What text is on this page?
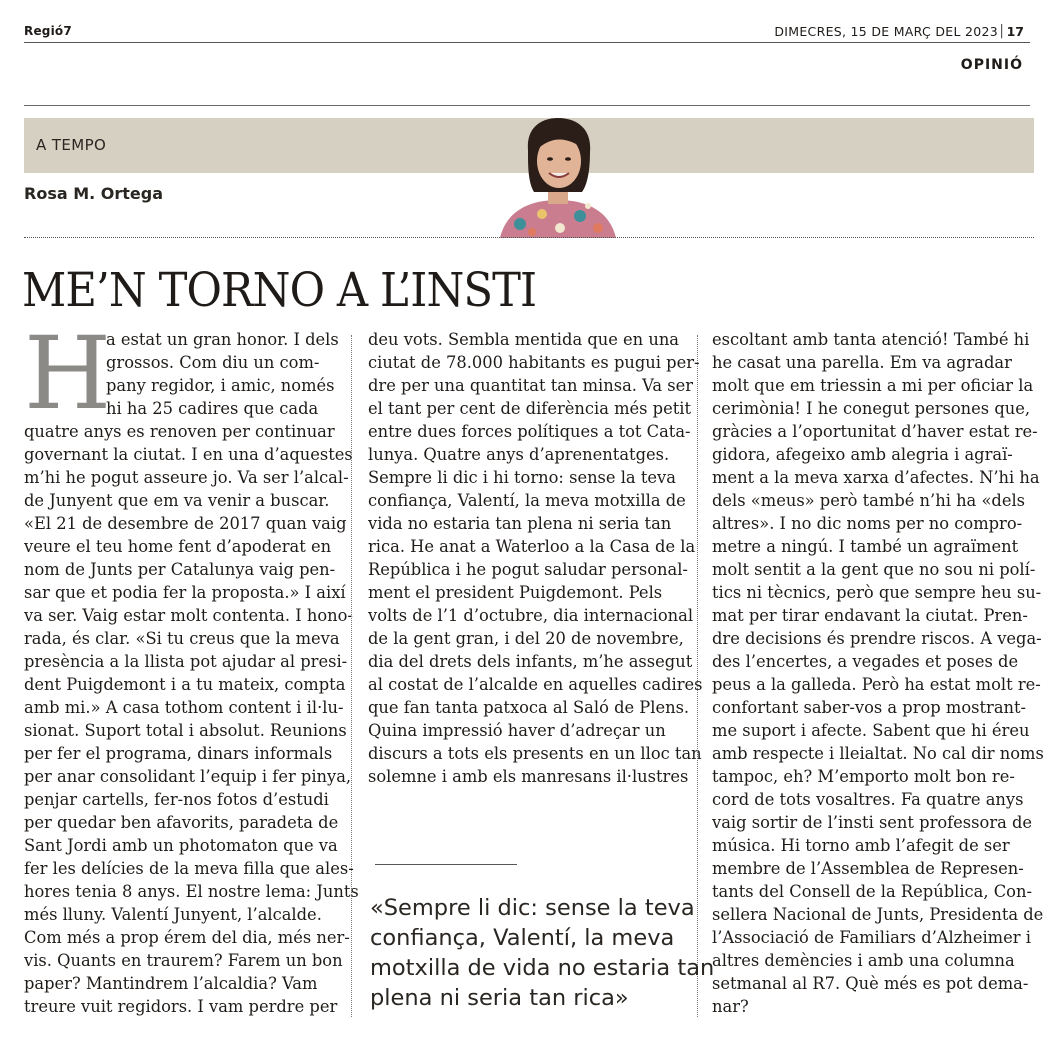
Regió7	DIMECRES, 15 DE MARÇ DEL 2023 | 17
OPINIÓ
A TEMPO
Rosa M. Ortega
ME’N TORNO A L’INSTI
H
a estat un gran honor. I dels
grossos. Com diu un com-
pany regidor, i amic, només
hi ha 25 cadires que cada
quatre anys es renoven per continuar
governant la ciutat. I en una d’aquestes
m’hi he pogut asseure jo. Va ser l’alcal-
de Junyent que em va venir a buscar.
«El 21 de desembre de 2017 quan vaig
veure el teu home fent d’apoderat en
nom de Junts per Catalunya vaig pen-
sar que et podia fer la proposta.» I així
va ser. Vaig estar molt contenta. I hono-
rada, és clar. «Si tu creus que la meva
presència a la llista pot ajudar al presi-
dent Puigdemont i a tu mateix, compta
amb mi.» A casa tothom content i il·lu-
sionat. Suport total i absolut. Reunions
per fer el programa, dinars informals
per anar consolidant l’equip i fer pinya,
penjar cartells, fer-nos fotos d’estudi
per quedar ben afavorits, paradeta de
Sant Jordi amb un photomaton que va
fer les delícies de la meva filla que ales-
hores tenia 8 anys. El nostre lema: Junts
més lluny. Valentí Junyent, l’alcalde.
Com més a prop érem del dia, més ner-
vis. Quants en traurem? Farem un bon
paper? Mantindrem l’alcaldia? Vam
treure vuit regidors. I vam perdre per
deu vots. Sembla mentida que en una
ciutat de 78.000 habitants es pugui per-
dre per una quantitat tan minsa. Va ser
el tant per cent de diferència més petit
entre dues forces polítiques a tot Cata-
lunya. Quatre anys d’aprenentatges.
Sempre li dic i hi torno: sense la teva
confiança, Valentí, la meva motxilla de
vida no estaria tan plena ni seria tan
rica. He anat a Waterloo a la Casa de la
República i he pogut saludar personal-
ment el president Puigdemont. Pels
volts de l’1 d’octubre, dia internacional
de la gent gran, i del 20 de novembre,
dia del drets dels infants, m’he assegut
al costat de l’alcalde en aquelles cadires
que fan tanta patxoca al Saló de Plens.
Quina impressió haver d’adreçar un
discurs a tots els presents en un lloc tan
solemne i amb els manresans il·lustres
escoltant amb tanta atenció! També hi
he casat una parella. Em va agradar
molt que em triessin a mi per oficiar la
cerimònia! I he conegut persones que,
gràcies a l’oportunitat d’haver estat re-
gidora, afegeixo amb alegria i agraï-
ment a la meva xarxa d’afectes. N’hi ha
dels «meus» però també n’hi ha «dels
altres». I no dic noms per no compro-
metre a ningú. I també un agraïment
molt sentit a la gent que no sou ni polí-
tics ni tècnics, però que sempre heu su-
mat per tirar endavant la ciutat. Pren-
dre decisions és prendre riscos. A vega-
des l’encertes, a vegades et poses de
peus a la galleda. Però ha estat molt re-
confortant saber-vos a prop mostrant-
me suport i afecte. Sabent que hi éreu
amb respecte i lleialtat. No cal dir noms
tampoc, eh? M’emporto molt bon re-
cord de tots vosaltres. Fa quatre anys
vaig sortir de l’insti sent professora de
música. Hi torno amb l’afegit de ser
membre de l’Assemblea de Represen-
tants del Consell de la República, Con-
sellera Nacional de Junts, Presidenta de
l’Associació de Familiars d’Alzheimer i
altres demències i amb una columna
setmanal al R7. Què més es pot dema-
nar?
«Sempre li dic: sense la teva
confiança, Valentí, la meva
motxilla de vida no estaria tan
plena ni seria tan rica»
